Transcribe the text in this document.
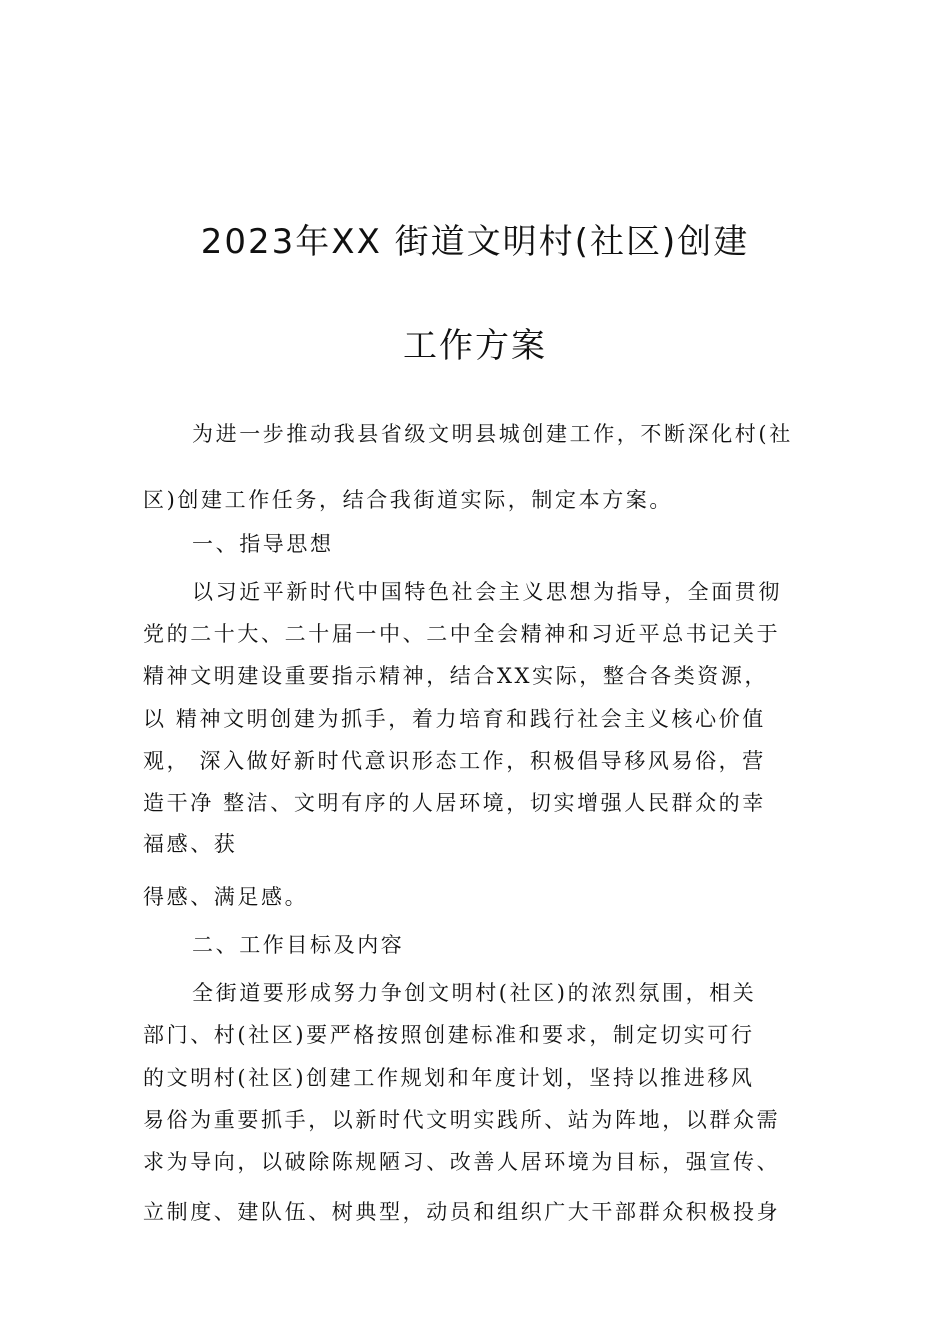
2023年XX 街道文明村(社区)创建
工作方案
为进一步推动我县省级文明县城创建工作，不断深化村(社
区)创建工作任务，结合我街道实际，制定本方案。
一、指导思想
以习近平新时代中国特色社会主义思想为指导，全面贯彻
党的二十大、二十届一中、二中全会精神和习近平总书记关于
精神文明建设重要指示精神，结合XX实际，整合各类资源，
以 精神文明创建为抓手，着力培育和践行社会主义核心价值
观， 深入做好新时代意识形态工作，积极倡导移风易俗，营
造干净 整洁、文明有序的人居环境，切实增强人民群众的幸
福感、获
得感、满足感。
二、工作目标及内容
全街道要形成努力争创文明村(社区)的浓烈氛围，相关
部门、村(社区)要严格按照创建标准和要求，制定切实可行
的文明村(社区)创建工作规划和年度计划，坚持以推进移风
易俗为重要抓手，以新时代文明实践所、站为阵地，以群众需
求为导向，以破除陈规陋习、改善人居环境为目标，强宣传、
立制度、建队伍、树典型，动员和组织广大干部群众积极投身
